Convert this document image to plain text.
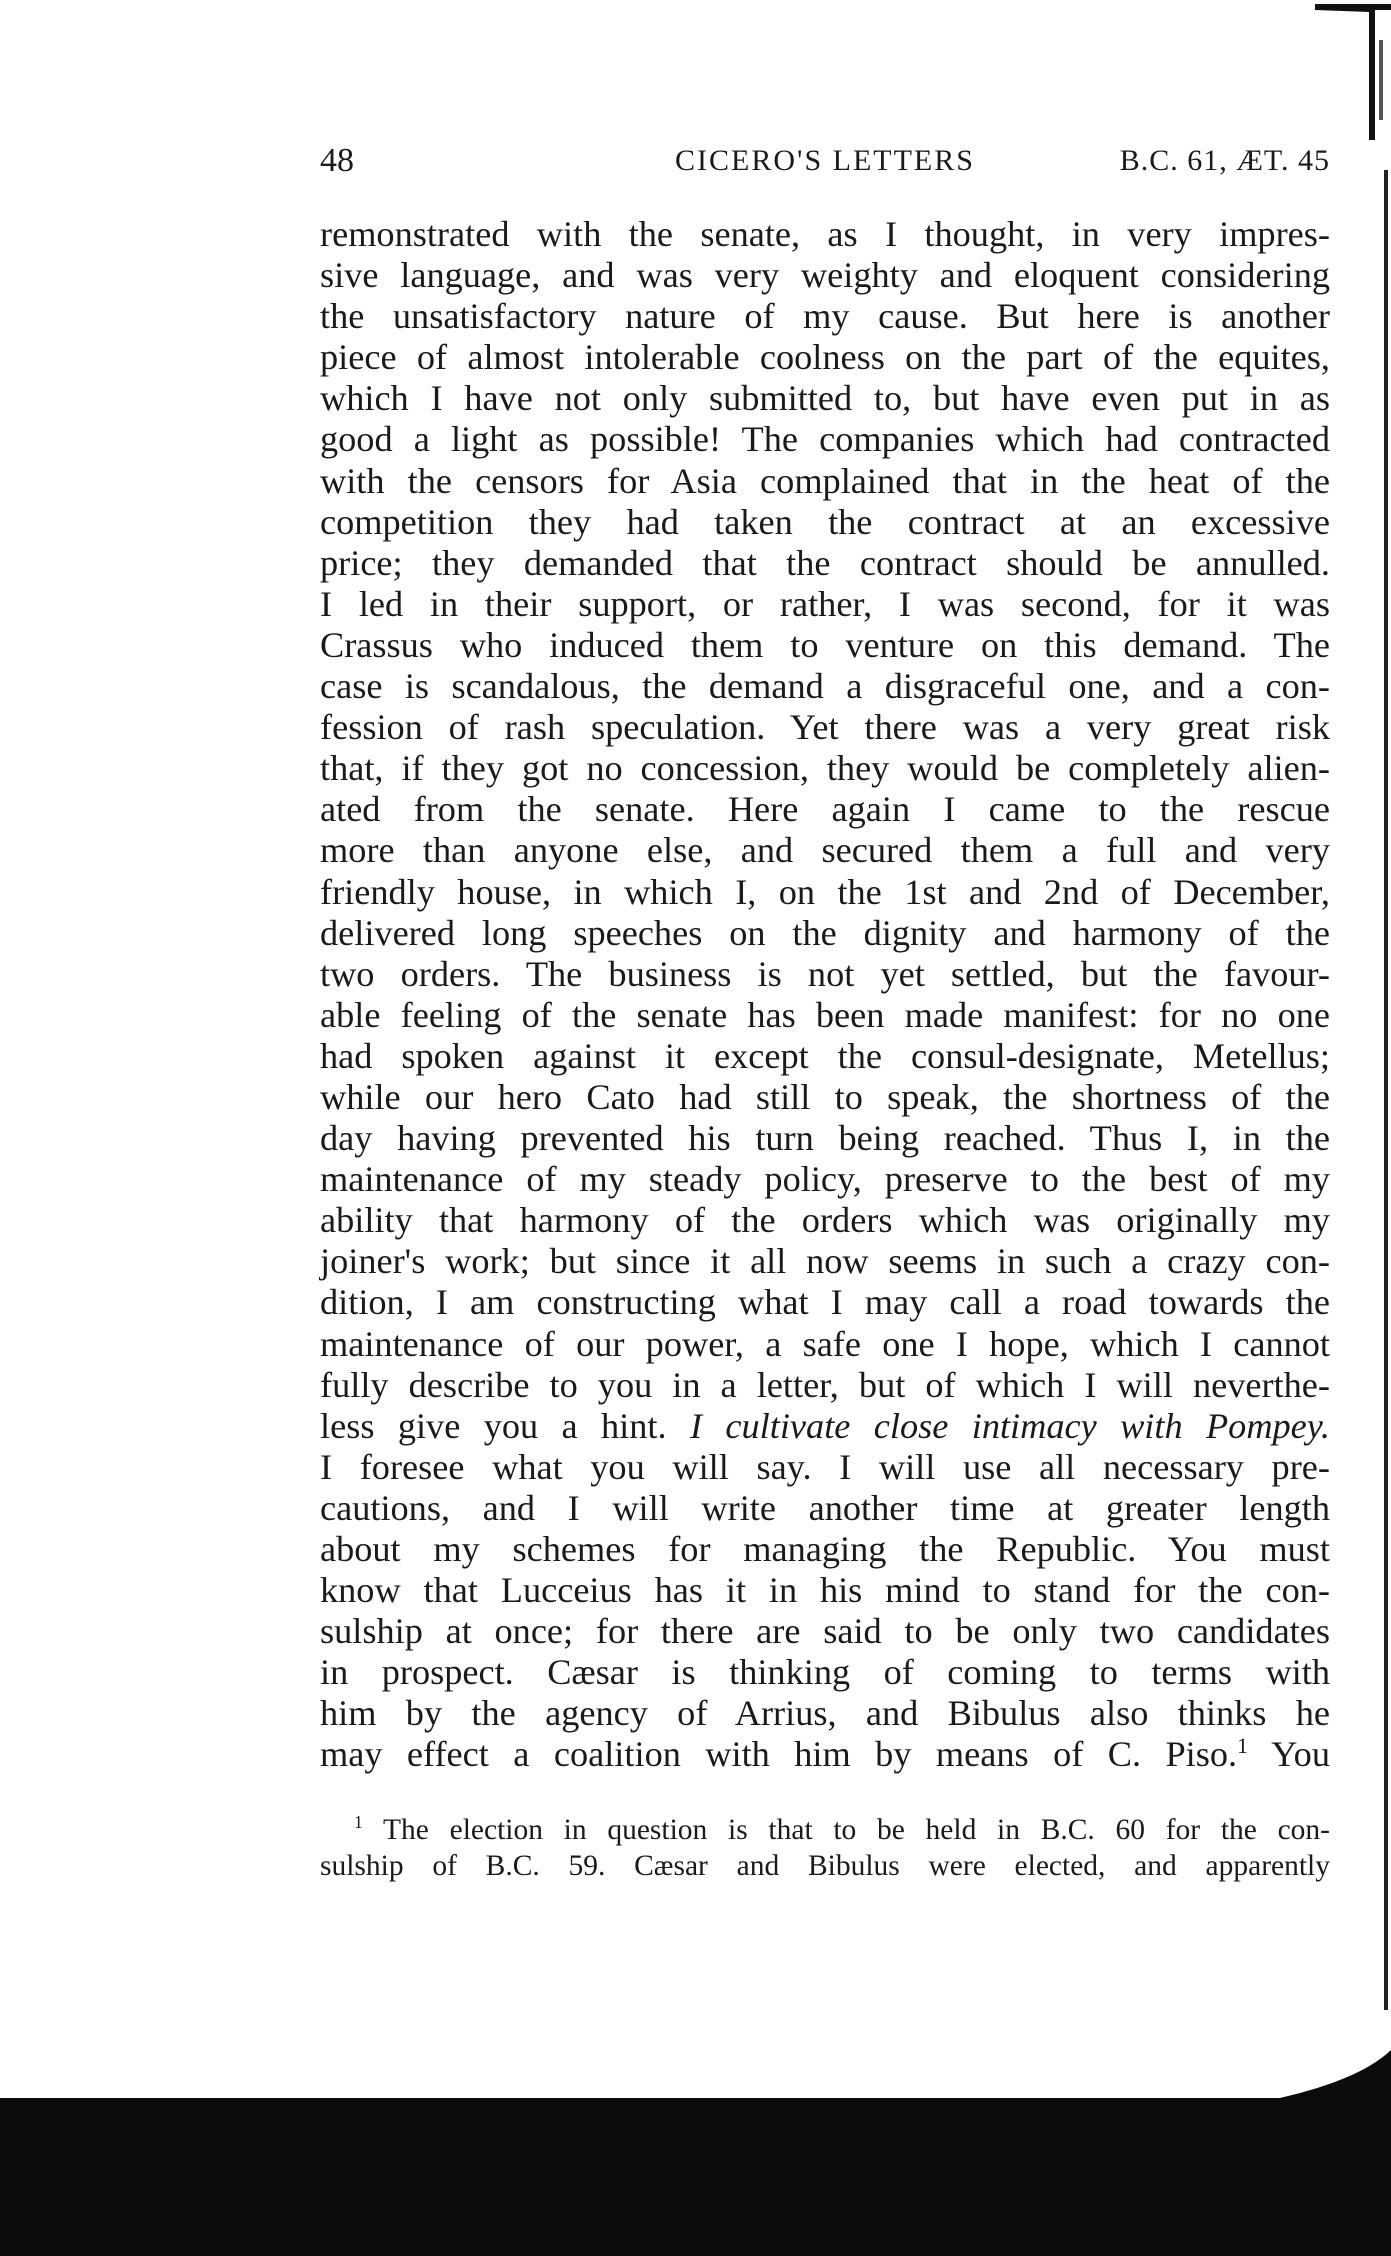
48	CICERO'S LETTERS	B.C. 61, ÆT. 45
remonstrated with the senate, as I thought, in very impres-
sive language, and was very weighty and eloquent considering
the unsatisfactory nature of my cause. But here is another
piece of almost intolerable coolness on the part of the equites,
which I have not only submitted to, but have even put in as
good a light as possible! The companies which had contracted
with the censors for Asia complained that in the heat of the
competition they had taken the contract at an excessive
price; they demanded that the contract should be annulled.
I led in their support, or rather, I was second, for it was
Crassus who induced them to venture on this demand. The
case is scandalous, the demand a disgraceful one, and a con-
fession of rash speculation. Yet there was a very great risk
that, if they got no concession, they would be completely alien-
ated from the senate. Here again I came to the rescue
more than anyone else, and secured them a full and very
friendly house, in which I, on the 1st and 2nd of December,
delivered long speeches on the dignity and harmony of the
two orders. The business is not yet settled, but the favour-
able feeling of the senate has been made manifest: for no one
had spoken against it except the consul-designate, Metellus;
while our hero Cato had still to speak, the shortness of the
day having prevented his turn being reached. Thus I, in the
maintenance of my steady policy, preserve to the best of my
ability that harmony of the orders which was originally my
joiner's work; but since it all now seems in such a crazy con-
dition, I am constructing what I may call a road towards the
maintenance of our power, a safe one I hope, which I cannot
fully describe to you in a letter, but of which I will neverthe-
less give you a hint. I cultivate close intimacy with Pompey.
I foresee what you will say. I will use all necessary pre-
cautions, and I will write another time at greater length
about my schemes for managing the Republic. You must
know that Lucceius has it in his mind to stand for the con-
sulship at once; for there are said to be only two candidates
in prospect. Cæsar is thinking of coming to terms with
him by the agency of Arrius, and Bibulus also thinks he
may effect a coalition with him by means of C. Piso.$^1$ You
$^1$ The election in question is that to be held in B.C. 60 for the con-
sulship of B.C. 59. Cæsar and Bibulus were elected, and apparently
